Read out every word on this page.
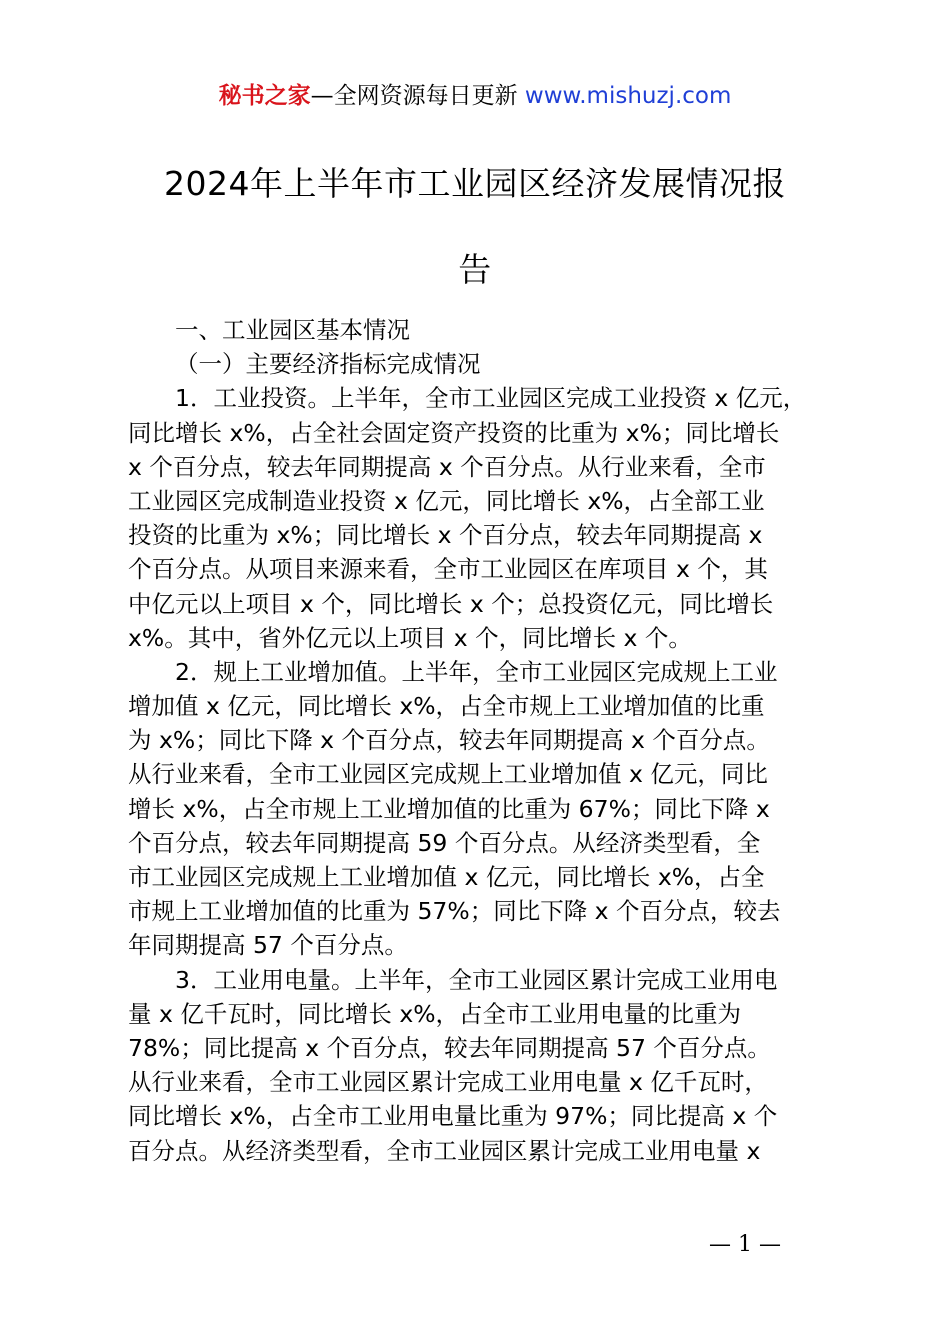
秘书之家—全网资源每日更新 www.mishuzj.com
2024年上半年市工业园区经济发展情况报
告
一、工业园区基本情况
（一）主要经济指标完成情况
1．工业投资。上半年，全市工业园区完成工业投资 x 亿元，
同比增长 x%，占全社会固定资产投资的比重为 x%；同比增长
x 个百分点，较去年同期提高 x 个百分点。从行业来看，全市
工业园区完成制造业投资 x 亿元，同比增长 x%，占全部工业
投资的比重为 x%；同比增长 x 个百分点，较去年同期提高 x
个百分点。从项目来源来看，全市工业园区在库项目 x 个，其
中亿元以上项目 x 个，同比增长 x 个；总投资亿元，同比增长
x%。其中，省外亿元以上项目 x 个，同比增长 x 个。
2．规上工业增加值。上半年，全市工业园区完成规上工业
增加值 x 亿元，同比增长 x%，占全市规上工业增加值的比重
为 x%；同比下降 x 个百分点，较去年同期提高 x 个百分点。
从行业来看，全市工业园区完成规上工业增加值 x 亿元，同比
增长 x%，占全市规上工业增加值的比重为 67%；同比下降 x
个百分点，较去年同期提高 59 个百分点。从经济类型看，全
市工业园区完成规上工业增加值 x 亿元，同比增长 x%，占全
市规上工业增加值的比重为 57%；同比下降 x 个百分点，较去
年同期提高 57 个百分点。
3．工业用电量。上半年，全市工业园区累计完成工业用电
量 x 亿千瓦时，同比增长 x%，占全市工业用电量的比重为
78%；同比提高 x 个百分点，较去年同期提高 57 个百分点。
从行业来看，全市工业园区累计完成工业用电量 x 亿千瓦时，
同比增长 x%，占全市工业用电量比重为 97%；同比提高 x 个
百分点。从经济类型看，全市工业园区累计完成工业用电量 x
— 1 —
